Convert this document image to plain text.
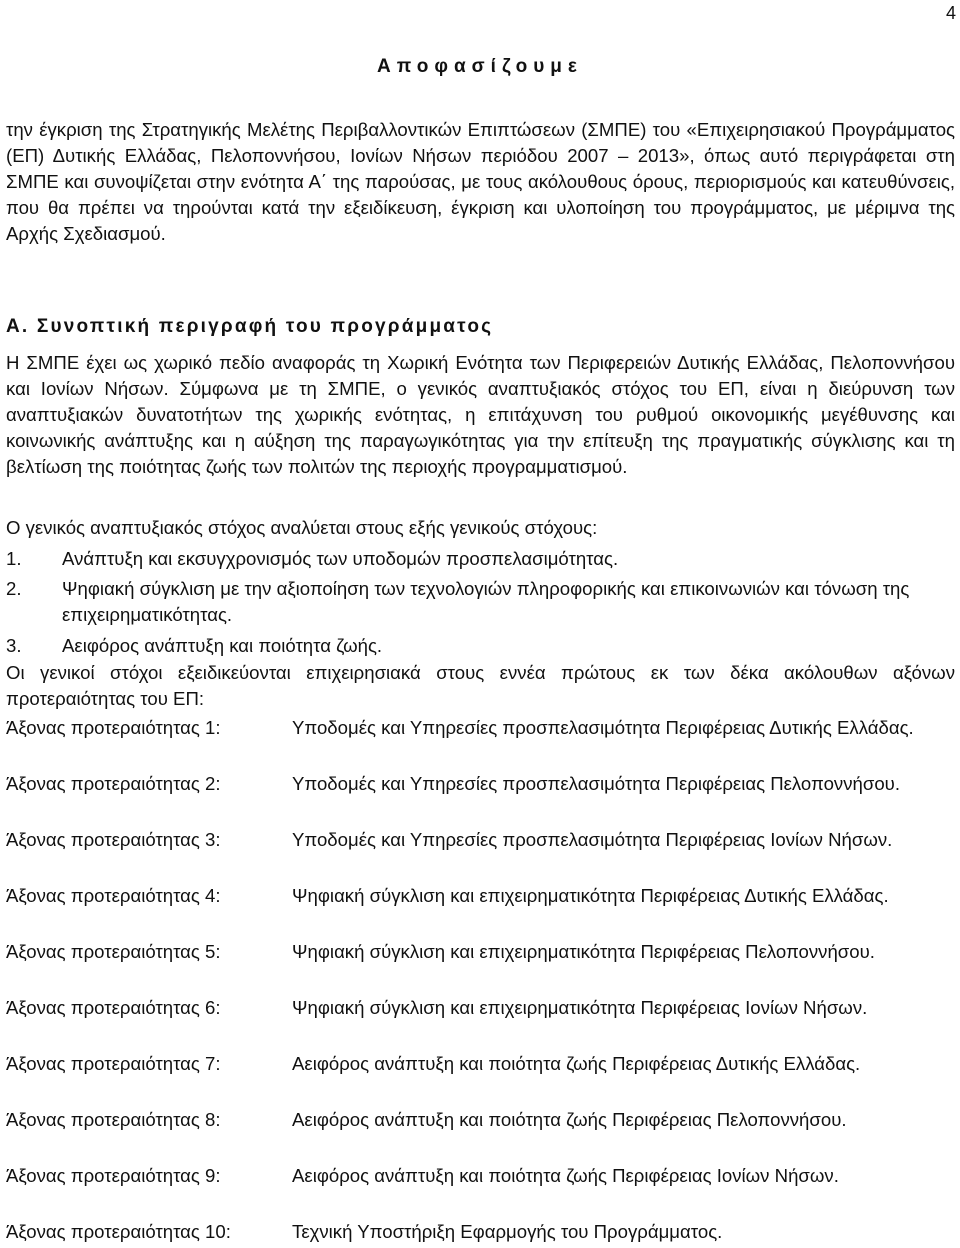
4
Αποφασίζουμε
την έγκριση της Στρατηγικής Μελέτης Περιβαλλοντικών Επιπτώσεων (ΣΜΠΕ) του «Επιχειρησιακού Προγράμματος (ΕΠ) Δυτικής Ελλάδας, Πελοποννήσου, Ιονίων Νήσων περιόδου 2007 – 2013», όπως αυτό περιγράφεται στη ΣΜΠΕ και συνοψίζεται στην ενότητα Α΄ της παρούσας, με τους ακόλουθους όρους, περιορισμούς και κατευθύνσεις, που θα πρέπει να τηρούνται κατά την εξειδίκευση, έγκριση και υλοποίηση του προγράμματος, με μέριμνα της Αρχής Σχεδιασμού.
Α. Συνοπτική περιγραφή του προγράμματος
Η ΣΜΠΕ έχει ως χωρικό πεδίο αναφοράς τη Χωρική Ενότητα των Περιφερειών Δυτικής Ελλάδας, Πελοποννήσου και Ιονίων Νήσων. Σύμφωνα με τη ΣΜΠΕ, ο γενικός αναπτυξιακός στόχος του ΕΠ, είναι η διεύρυνση των αναπτυξιακών δυνατοτήτων της χωρικής ενότητας, η επιτάχυνση του ρυθμού οικονομικής μεγέθυνσης και κοινωνικής ανάπτυξης και η αύξηση της παραγωγικότητας για την επίτευξη της πραγματικής σύγκλισης και τη βελτίωση της ποιότητας ζωής των πολιτών της περιοχής προγραμματισμού.
Ο γενικός αναπτυξιακός στόχος αναλύεται στους εξής γενικούς στόχους:
1. Ανάπτυξη και εκσυγχρονισμός των υποδομών προσπελασιμότητας.
2. Ψηφιακή σύγκλιση με την αξιοποίηση των τεχνολογιών πληροφορικής και επικοινωνιών και τόνωση της επιχειρηματικότητας.
3. Αειφόρος ανάπτυξη και ποιότητα ζωής.
Οι γενικοί στόχοι εξειδικεύονται επιχειρησιακά στους εννέα πρώτους εκ των δέκα ακόλουθων αξόνων προτεραιότητας του ΕΠ:
Άξονας προτεραιότητας 1:	Υποδομές και Υπηρεσίες προσπελασιμότητα Περιφέρειας Δυτικής Ελλάδας.
Άξονας προτεραιότητας 2:	Υποδομές και Υπηρεσίες προσπελασιμότητα Περιφέρειας Πελοποννήσου.
Άξονας προτεραιότητας 3:	Υποδομές και Υπηρεσίες προσπελασιμότητα Περιφέρειας Ιονίων Νήσων.
Άξονας προτεραιότητας 4:	Ψηφιακή σύγκλιση και επιχειρηματικότητα Περιφέρειας Δυτικής Ελλάδας.
Άξονας προτεραιότητας 5:	Ψηφιακή σύγκλιση και επιχειρηματικότητα Περιφέρειας Πελοποννήσου.
Άξονας προτεραιότητας 6:	Ψηφιακή σύγκλιση και επιχειρηματικότητα Περιφέρειας Ιονίων Νήσων.
Άξονας προτεραιότητας 7:	Αειφόρος ανάπτυξη και ποιότητα ζωής Περιφέρειας Δυτικής Ελλάδας.
Άξονας προτεραιότητας 8:	Αειφόρος ανάπτυξη και ποιότητα ζωής Περιφέρειας Πελοποννήσου.
Άξονας προτεραιότητας 9:	Αειφόρος ανάπτυξη και ποιότητα ζωής Περιφέρειας Ιονίων Νήσων.
Άξονας προτεραιότητας 10:	Τεχνική Υποστήριξη Εφαρμογής του Προγράμματος.
